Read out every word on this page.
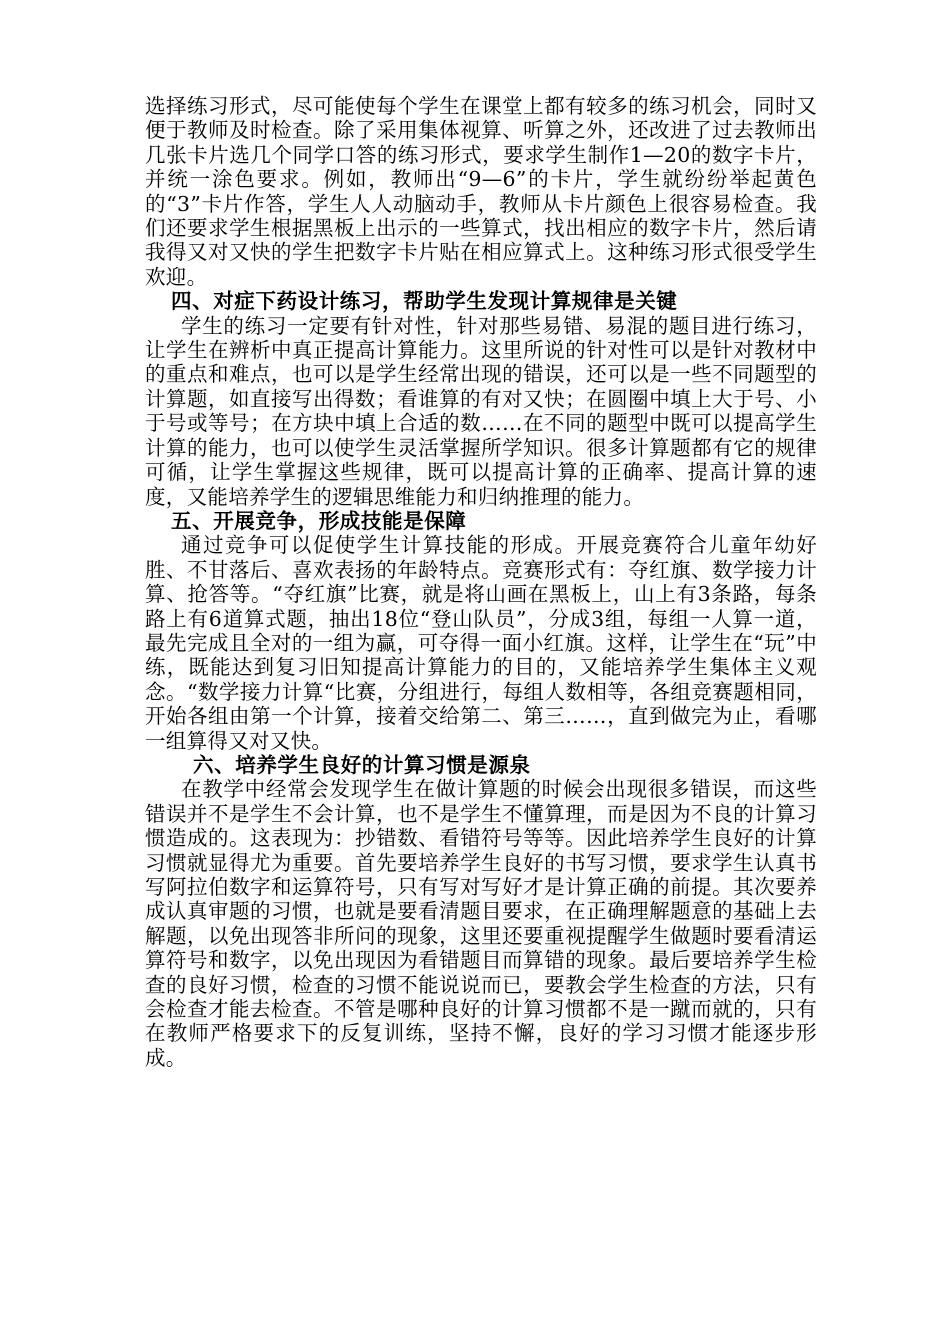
选择练习形式，尽可能使每个学生在课堂上都有较多的练习机会，同时又便于教师及时检查。除了采用集体视算、听算之外，还改进了过去教师出几张卡片选几个同学口答的练习形式，要求学生制作1—20的数字卡片，并统一涂色要求。例如，教师出“9—6”的卡片，学生就纷纷举起黄色的“3”卡片作答，学生人人动脑动手，教师从卡片颜色上很容易检查。我们还要求学生根据黑板上出示的一些算式，找出相应的数字卡片，然后请我得又对又快的学生把数字卡片贴在相应算式上。这种练习形式很受学生欢迎。

四、对症下药设计练习，帮助学生发现计算规律是关键

学生的练习一定要有针对性，针对那些易错、易混的题目进行练习，让学生在辨析中真正提高计算能力。这里所说的针对性可以是针对教材中的重点和难点，也可以是学生经常出现的错误，还可以是一些不同题型的计算题，如直接写出得数；看谁算的有对又快；在圆圈中填上大于号、小于号或等号；在方块中填上合适的数……在不同的题型中既可以提高学生计算的能力，也可以使学生灵活掌握所学知识。很多计算题都有它的规律可循，让学生掌握这些规律，既可以提高计算的正确率、提高计算的速度，又能培养学生的逻辑思维能力和归纳推理的能力。

五、开展竞争，形成技能是保障

通过竞争可以促使学生计算技能的形成。开展竞赛符合儿童年幼好胜、不甘落后、喜欢表扬的年龄特点。竞赛形式有：夺红旗、数学接力计算、抢答等。“夺红旗”比赛，就是将山画在黑板上，山上有3条路，每条路上有6道算式题，抽出18位“登山队员”，分成3组，每组一人算一道，最先完成且全对的一组为赢，可夺得一面小红旗。这样，让学生在“玩”中练，既能达到复习旧知提高计算能力的目的，又能培养学生集体主义观念。“数学接力计算“比赛，分组进行，每组人数相等，各组竞赛题相同，开始各组由第一个计算，接着交给第二、第三……，直到做完为止，看哪一组算得又对又快。

六、培养学生良好的计算习惯是源泉

在教学中经常会发现学生在做计算题的时候会出现很多错误，而这些错误并不是学生不会计算，也不是学生不懂算理，而是因为不良的计算习惯造成的。这表现为：抄错数、看错符号等等。因此培养学生良好的计算习惯就显得尤为重要。首先要培养学生良好的书写习惯，要求学生认真书写阿拉伯数字和运算符号，只有写对写好才是计算正确的前提。其次要养成认真审题的习惯，也就是要看清题目要求，在正确理解题意的基础上去解题，以免出现答非所问的现象，这里还要重视提醒学生做题时要看清运算符号和数字，以免出现因为看错题目而算错的现象。最后要培养学生检查的良好习惯，检查的习惯不能说说而已，要教会学生检查的方法，只有会检查才能去检查。不管是哪种良好的计算习惯都不是一蹴而就的，只有在教师严格要求下的反复训练，坚持不懈，良好的学习习惯才能逐步形成。
